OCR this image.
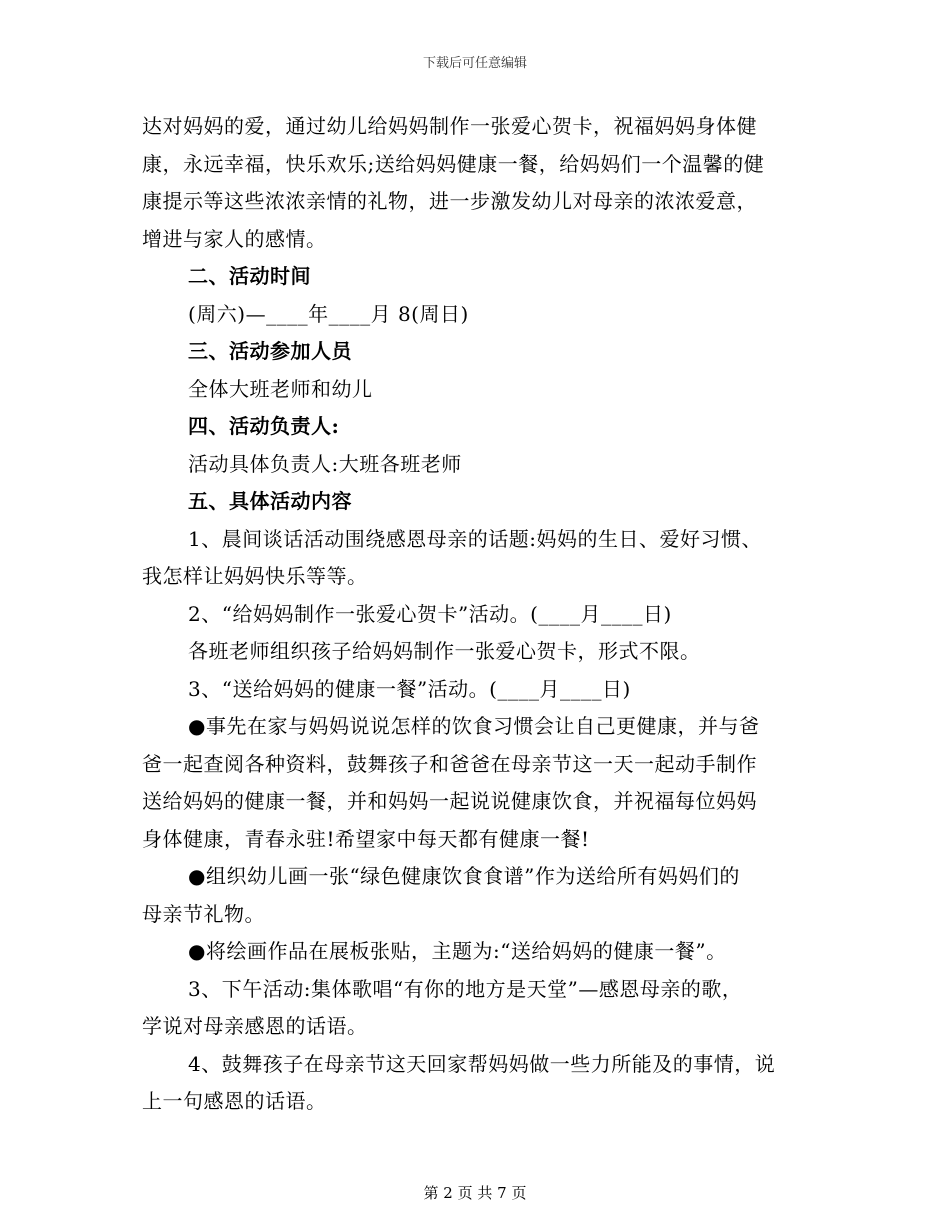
下载后可任意编辑
达对妈妈的爱，通过幼儿给妈妈制作一张爱心贺卡，祝福妈妈身体健
康，永远幸福，快乐欢乐;送给妈妈健康一餐，给妈妈们一个温馨的健
康提示等这些浓浓亲情的礼物，进一步激发幼儿对母亲的浓浓爱意，
增进与家人的感情。
二、活动时间
(周六)—____年____月 8(周日)
三、活动参加人员
全体大班老师和幼儿
四、活动负责人:
活动具体负责人:大班各班老师
五、具体活动内容
1、晨间谈话活动围绕感恩母亲的话题:妈妈的生日、爱好习惯、
我怎样让妈妈快乐等等。
2、“给妈妈制作一张爱心贺卡”活动。(____月____日)
各班老师组织孩子给妈妈制作一张爱心贺卡，形式不限。
3、“送给妈妈的健康一餐”活动。(____月____日)
●事先在家与妈妈说说怎样的饮食习惯会让自己更健康，并与爸
爸一起查阅各种资料，鼓舞孩子和爸爸在母亲节这一天一起动手制作
送给妈妈的健康一餐，并和妈妈一起说说健康饮食，并祝福每位妈妈
身体健康，青春永驻!希望家中每天都有健康一餐!
●组织幼儿画一张“绿色健康饮食食谱”作为送给所有妈妈们的
母亲节礼物。
●将绘画作品在展板张贴，主题为:“送给妈妈的健康一餐”。
3、下午活动:集体歌唱“有你的地方是天堂”—感恩母亲的歌，
学说对母亲感恩的话语。
4、鼓舞孩子在母亲节这天回家帮妈妈做一些力所能及的事情，说
上一句感恩的话语。
第 2 页 共 7 页
